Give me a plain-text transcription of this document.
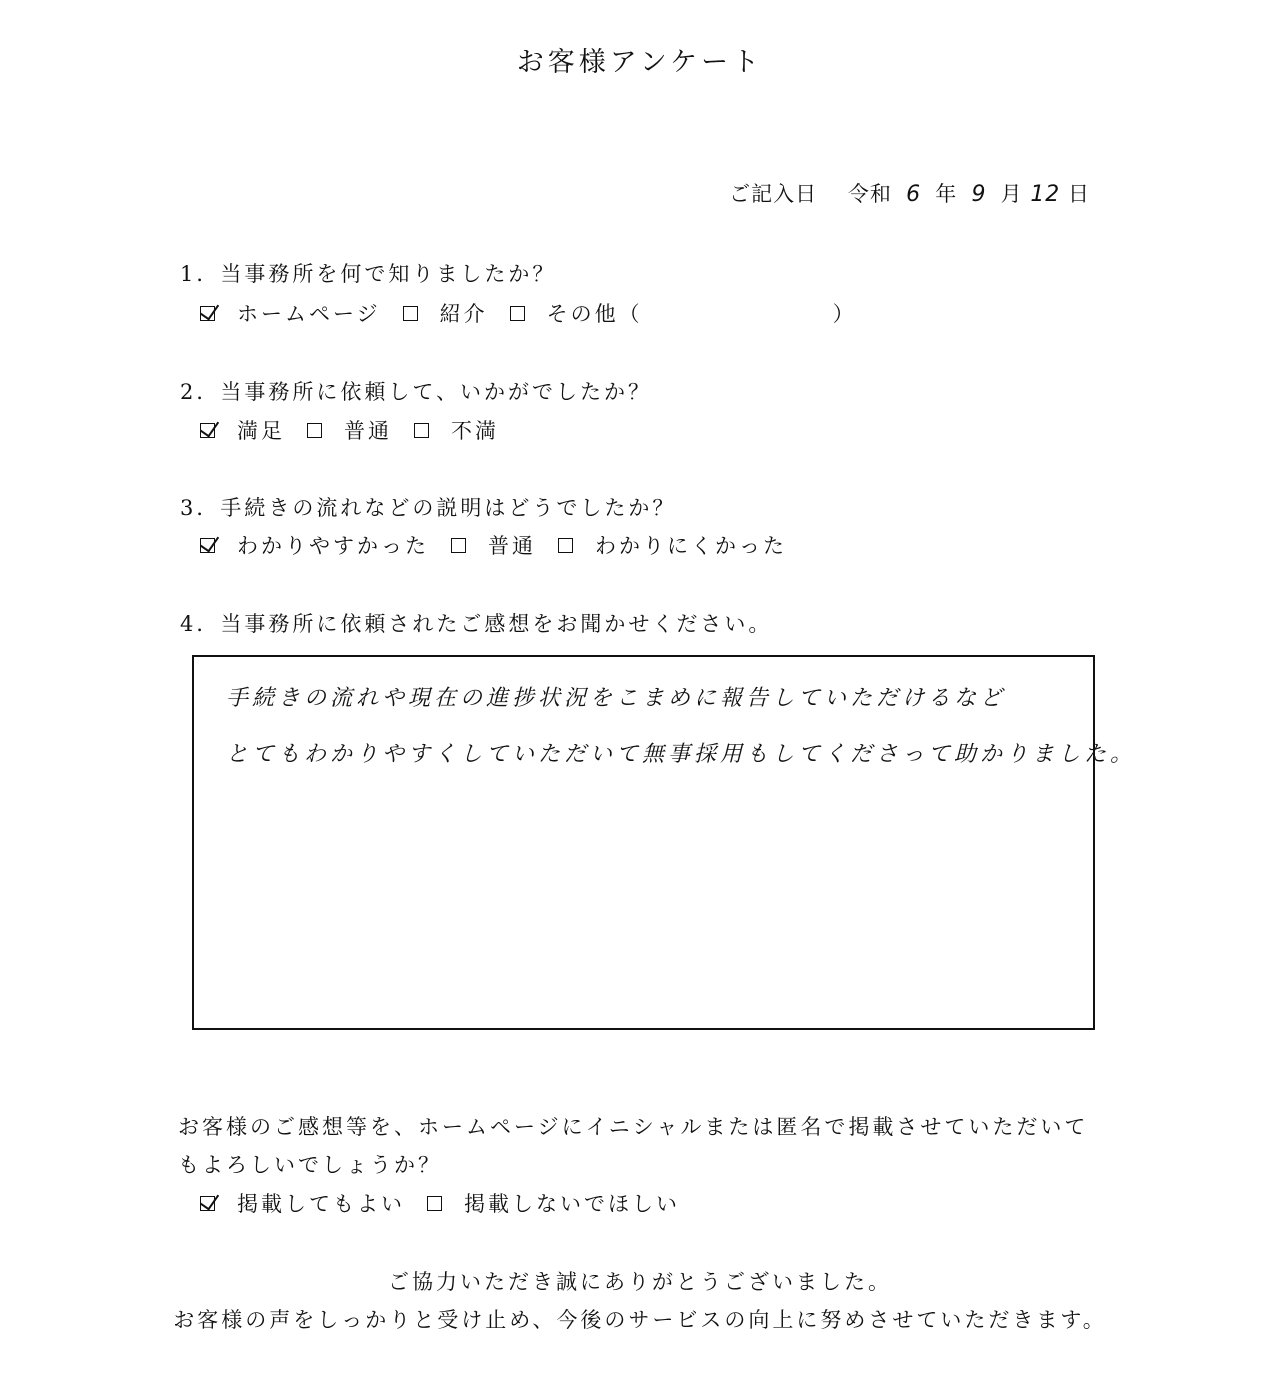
お客様アンケート
ご記入日 令和 6 年 9 月 12 日
1．当事務所を何で知りましたか？
ホームページ	紹介	その他（	）
2．当事務所に依頼して、いかがでしたか？
満足	普通	不満
3．手続きの流れなどの説明はどうでしたか？
わかりやすかった	普通	わかりにくかった
4．当事務所に依頼されたご感想をお聞かせください。
手続きの流れや現在の進捗状況をこまめに報告していただけるなど
とてもわかりやすくしていただいて無事採用もしてくださって助かりました。
お客様のご感想等を、ホームページにイニシャルまたは匿名で掲載させていただいてもよろしいでしょうか？
掲載してもよい	掲載しないでほしい
ご協力いただき誠にありがとうございました。
お客様の声をしっかりと受け止め、今後のサービスの向上に努めさせていただきます。
